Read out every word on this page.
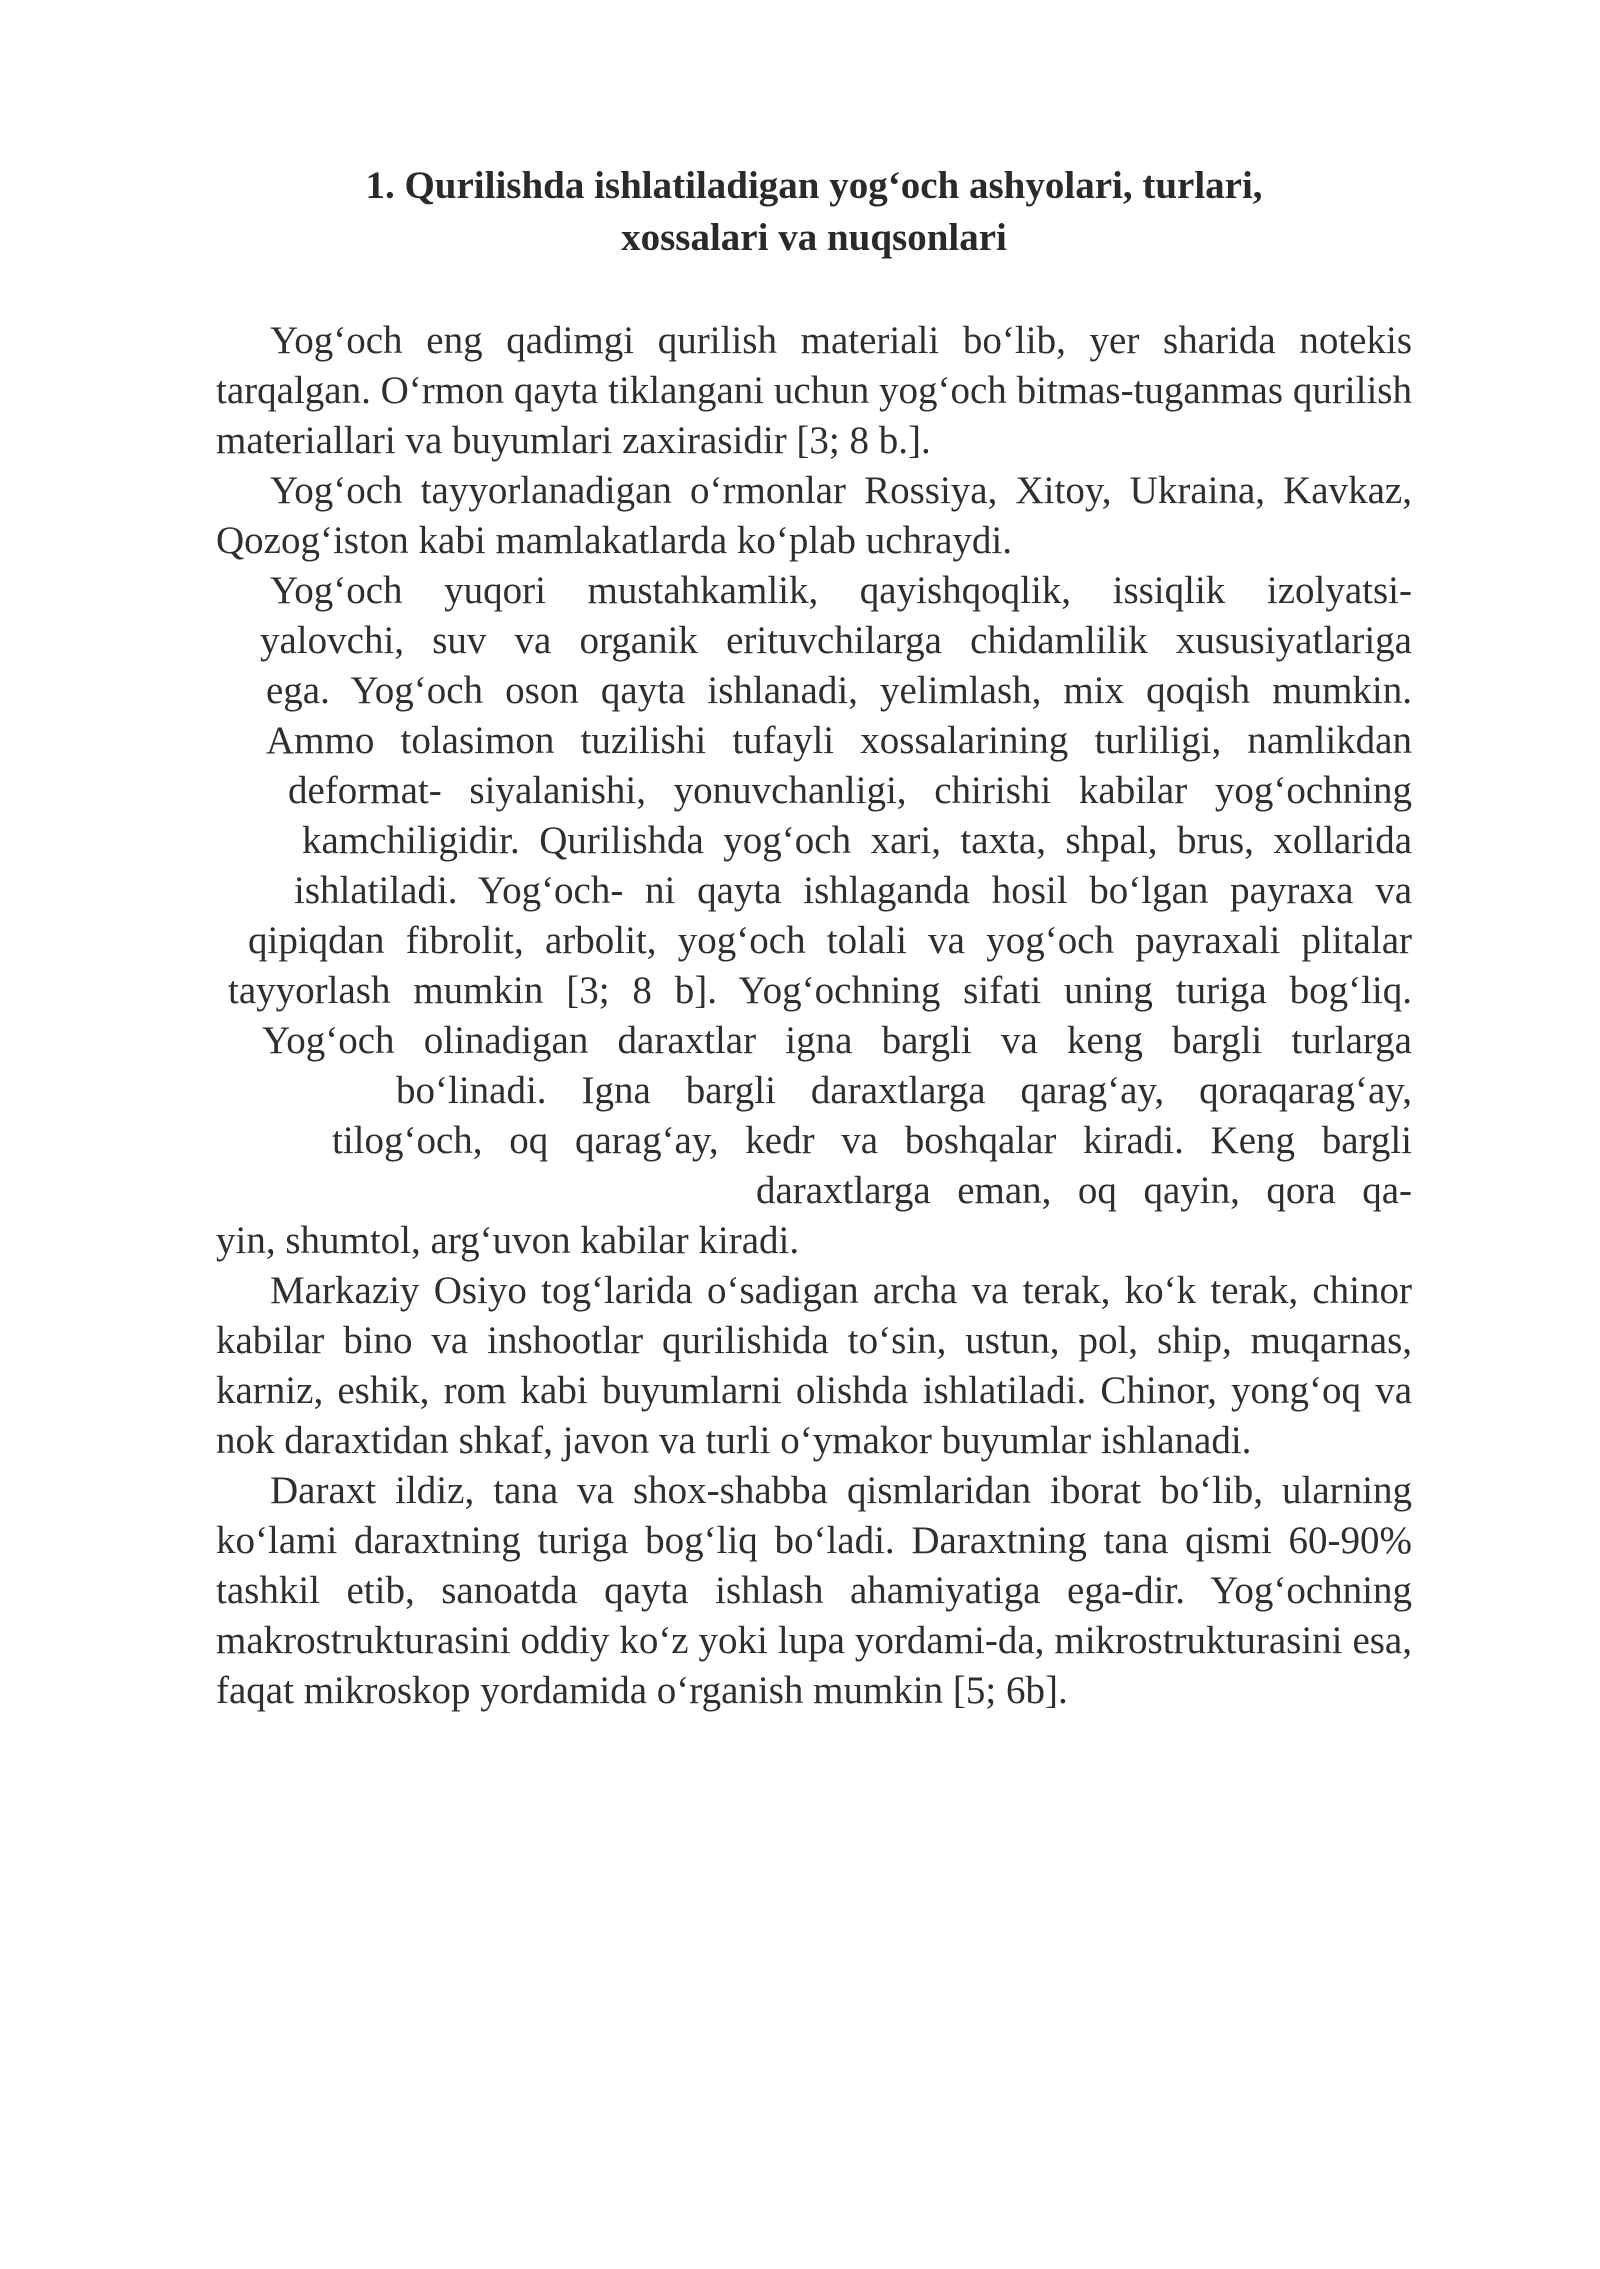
1. Qurilishda ishlatiladigan yog‘och ashyolari, turlari,
xossalari va nuqsonlari

Yog‘och eng qadimgi qurilish materiali bo‘lib, yer sharida notekis tarqalgan. O‘rmon qayta tiklangani uchun yog‘och bitmas-tuganmas qurilish materiallari va buyumlari zaxirasidir [3; 8 b.].

Yog‘och tayyorlanadigan o‘rmonlar Rossiya, Xitoy, Ukraina, Kavkaz, Qozog‘iston kabi mamlakatlarda ko‘plab uchraydi.

Yog‘och yuqori mustahkamlik, qayishqoqlik, issiqlik izolyatsi-
yalovchi, suv va organik erituvchilarga chidamlilik xususiyatlariga
ega. Yog‘och oson qayta ishlanadi, yelimlash, mix qoqish mumkin.
Ammo tolasimon tuzilishi tufayli xossalarining turliligi, namlikdan
deformat- siyalanishi, yonuvchanligi, chirishi kabilar yog‘ochning
kamchiligidir. Qurilishda yog‘och xari, taxta, shpal, brus, xollarida
ishlatiladi. Yog‘och- ni qayta ishlaganda hosil bo‘lgan payraxa va
qipiqdan fibrolit, arbolit, yog‘och tolali va yog‘och payraxali plitalar
tayyorlash mumkin [3; 8 b]. Yog‘ochning sifati uning turiga bog‘liq.
Yog‘och olinadigan daraxtlar igna bargli va keng bargli turlarga
bo‘linadi. Igna bargli daraxtlarga qarag‘ay, qoraqarag‘ay,
tilog‘och, oq qarag‘ay, kedr va boshqalar kiradi. Keng bargli
daraxtlarga eman, oq qayin, qora qa-
yin, shumtol, arg‘uvon kabilar kiradi.

Markaziy Osiyo tog‘larida o‘sadigan archa va terak, ko‘k terak, chinor kabilar bino va inshootlar qurilishida to‘sin, ustun, pol, ship, muqarnas, karniz, eshik, rom kabi buyumlarni olishda ishlatiladi. Chinor, yong‘oq va nok daraxtidan shkaf, javon va turli o‘ymakor buyumlar ishlanadi.

Daraxt ildiz, tana va shox-shabba qismlaridan iborat bo‘lib, ularning ko‘lami daraxtning turiga bog‘liq bo‘ladi. Daraxtning tana qismi 60-90% tashkil etib, sanoatda qayta ishlash ahamiyatiga ega-dir. Yog‘ochning makrostrukturasini oddiy ko‘z yoki lupa yordami-da, mikrostrukturasini esa, faqat mikroskop yordamida o‘rganish mumkin [5; 6b].
